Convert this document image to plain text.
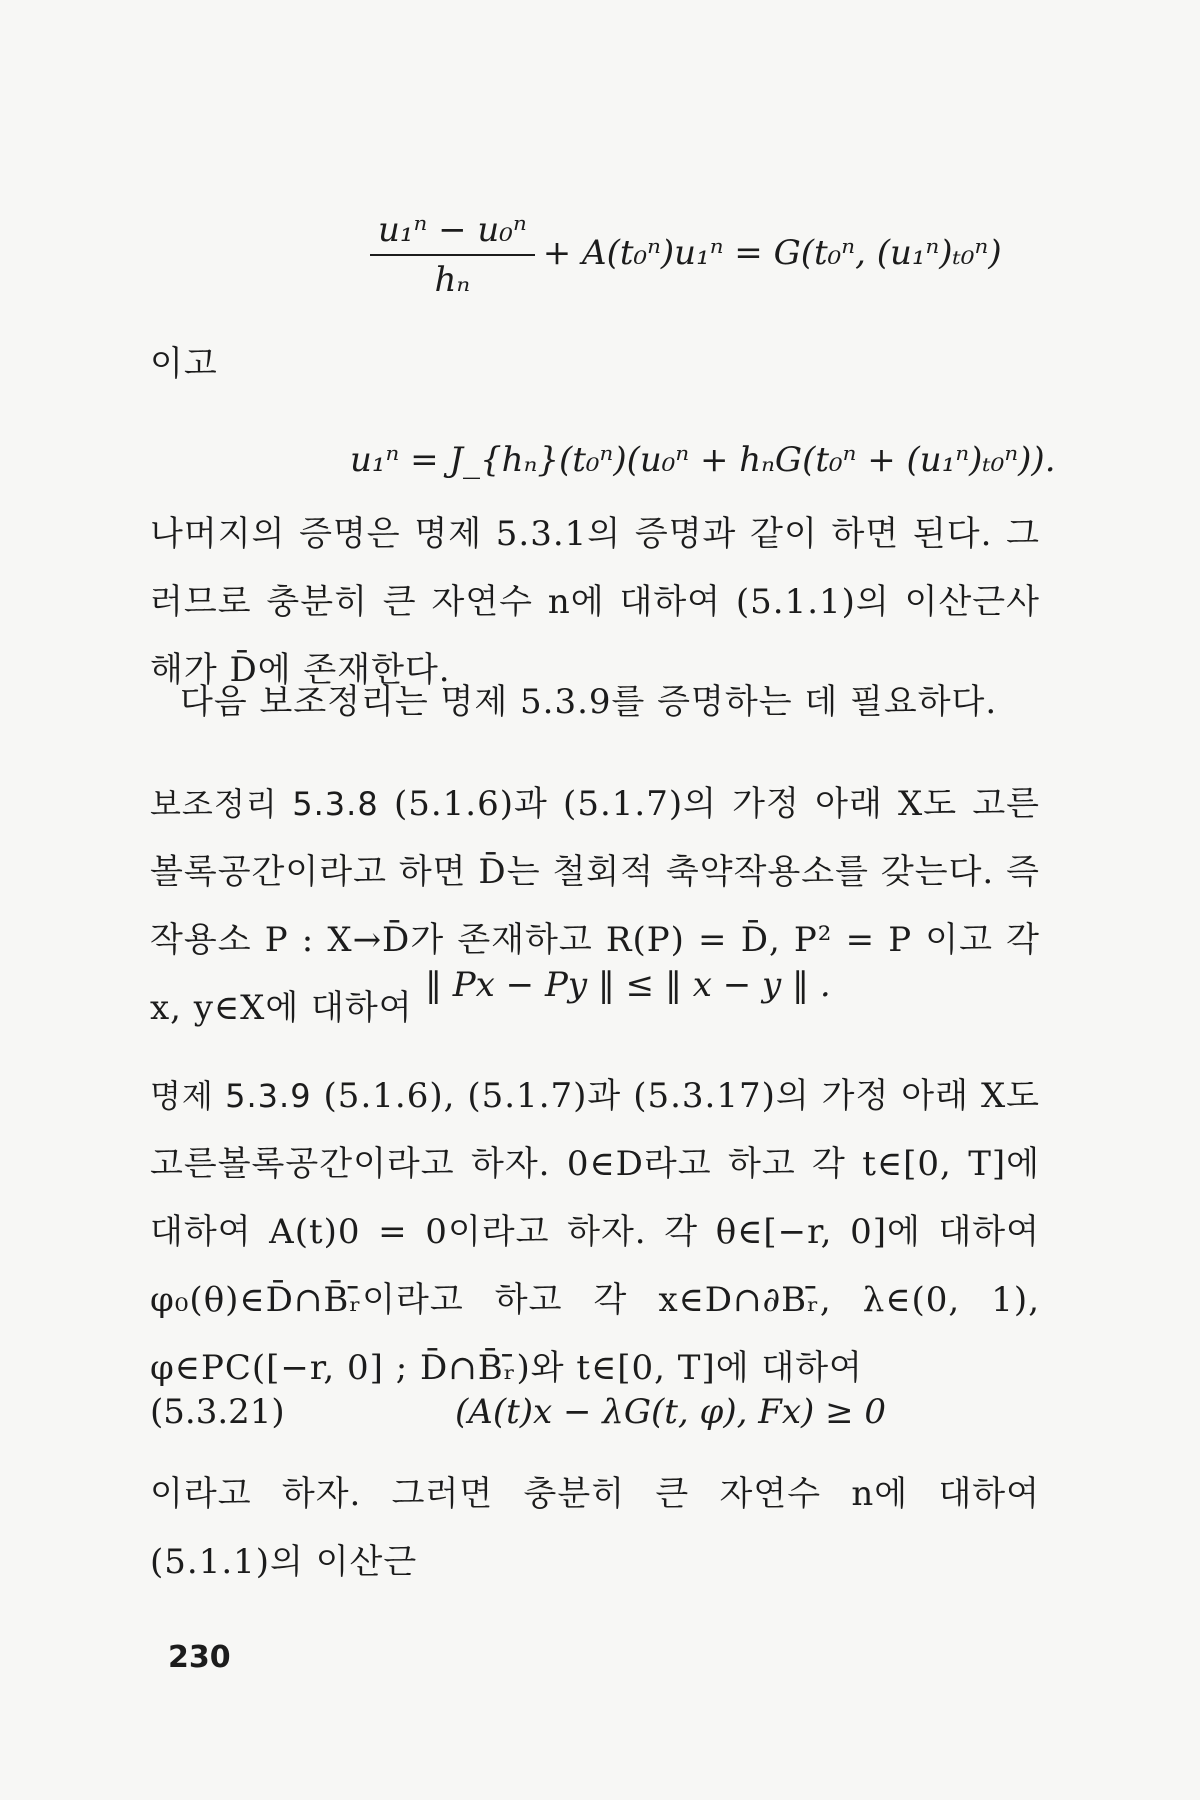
$\frac{\text{u₁ⁿ − u₀ⁿ}}{\text{hₙ}} + A(t_0^n)u_1^n = G(t_0^n$, (u₁ⁿ)ₜ₀ⁿ)
이고
u₁ⁿ = J_{hₙ}(t₀ⁿ)(u₀ⁿ + hₙG(t₀ⁿ + (u₁ⁿ)ₜ₀ⁿ)).
나머지의 증명은 명제 5.3.1의 증명과 같이 하면 된다. 그러므로 충분히 큰 자연수 n에 대하여 (5.1.1)의 이산근사해가 D̄에 존재한다.
다음 보조정리는 명제 5.3.9를 증명하는 데 필요하다.
보조정리 5.3.8 (5.1.6)과 (5.1.7)의 가정 아래 X도 고른볼록공간이라고 하면 D̄는 철회적 축약작용소를 갖는다. 즉 작용소 P : X→D̄가 존재하고 R(P) = D̄, P² = P 이고 각 x, y∈X에 대하여
‖ Px − Py ‖ ≤ ‖ x − y ‖ .
명제 5.3.9 (5.1.6), (5.1.7)과 (5.3.17)의 가정 아래 X도 고른볼록공간이라고 하자. 0∈D라고 하고 각 t∈[0, T]에 대하여 A(t)0 = 0이라고 하자. 각 θ∈[−r, 0]에 대하여 φ₀(θ)∈D̄∩B̄ᵣ̄이라고 하고 각 x∈D∩∂Bᵣ̄, λ∈(0, 1), φ∈PC([−r, 0] ; D̄∩B̄ᵣ̄)와 t∈[0, T]에 대하여
(5.3.21)	(A(t)x − λG(t, φ), Fx) ≥ 0
이라고 하자. 그러면 충분히 큰 자연수 n에 대하여 (5.1.1)의 이산근
230
